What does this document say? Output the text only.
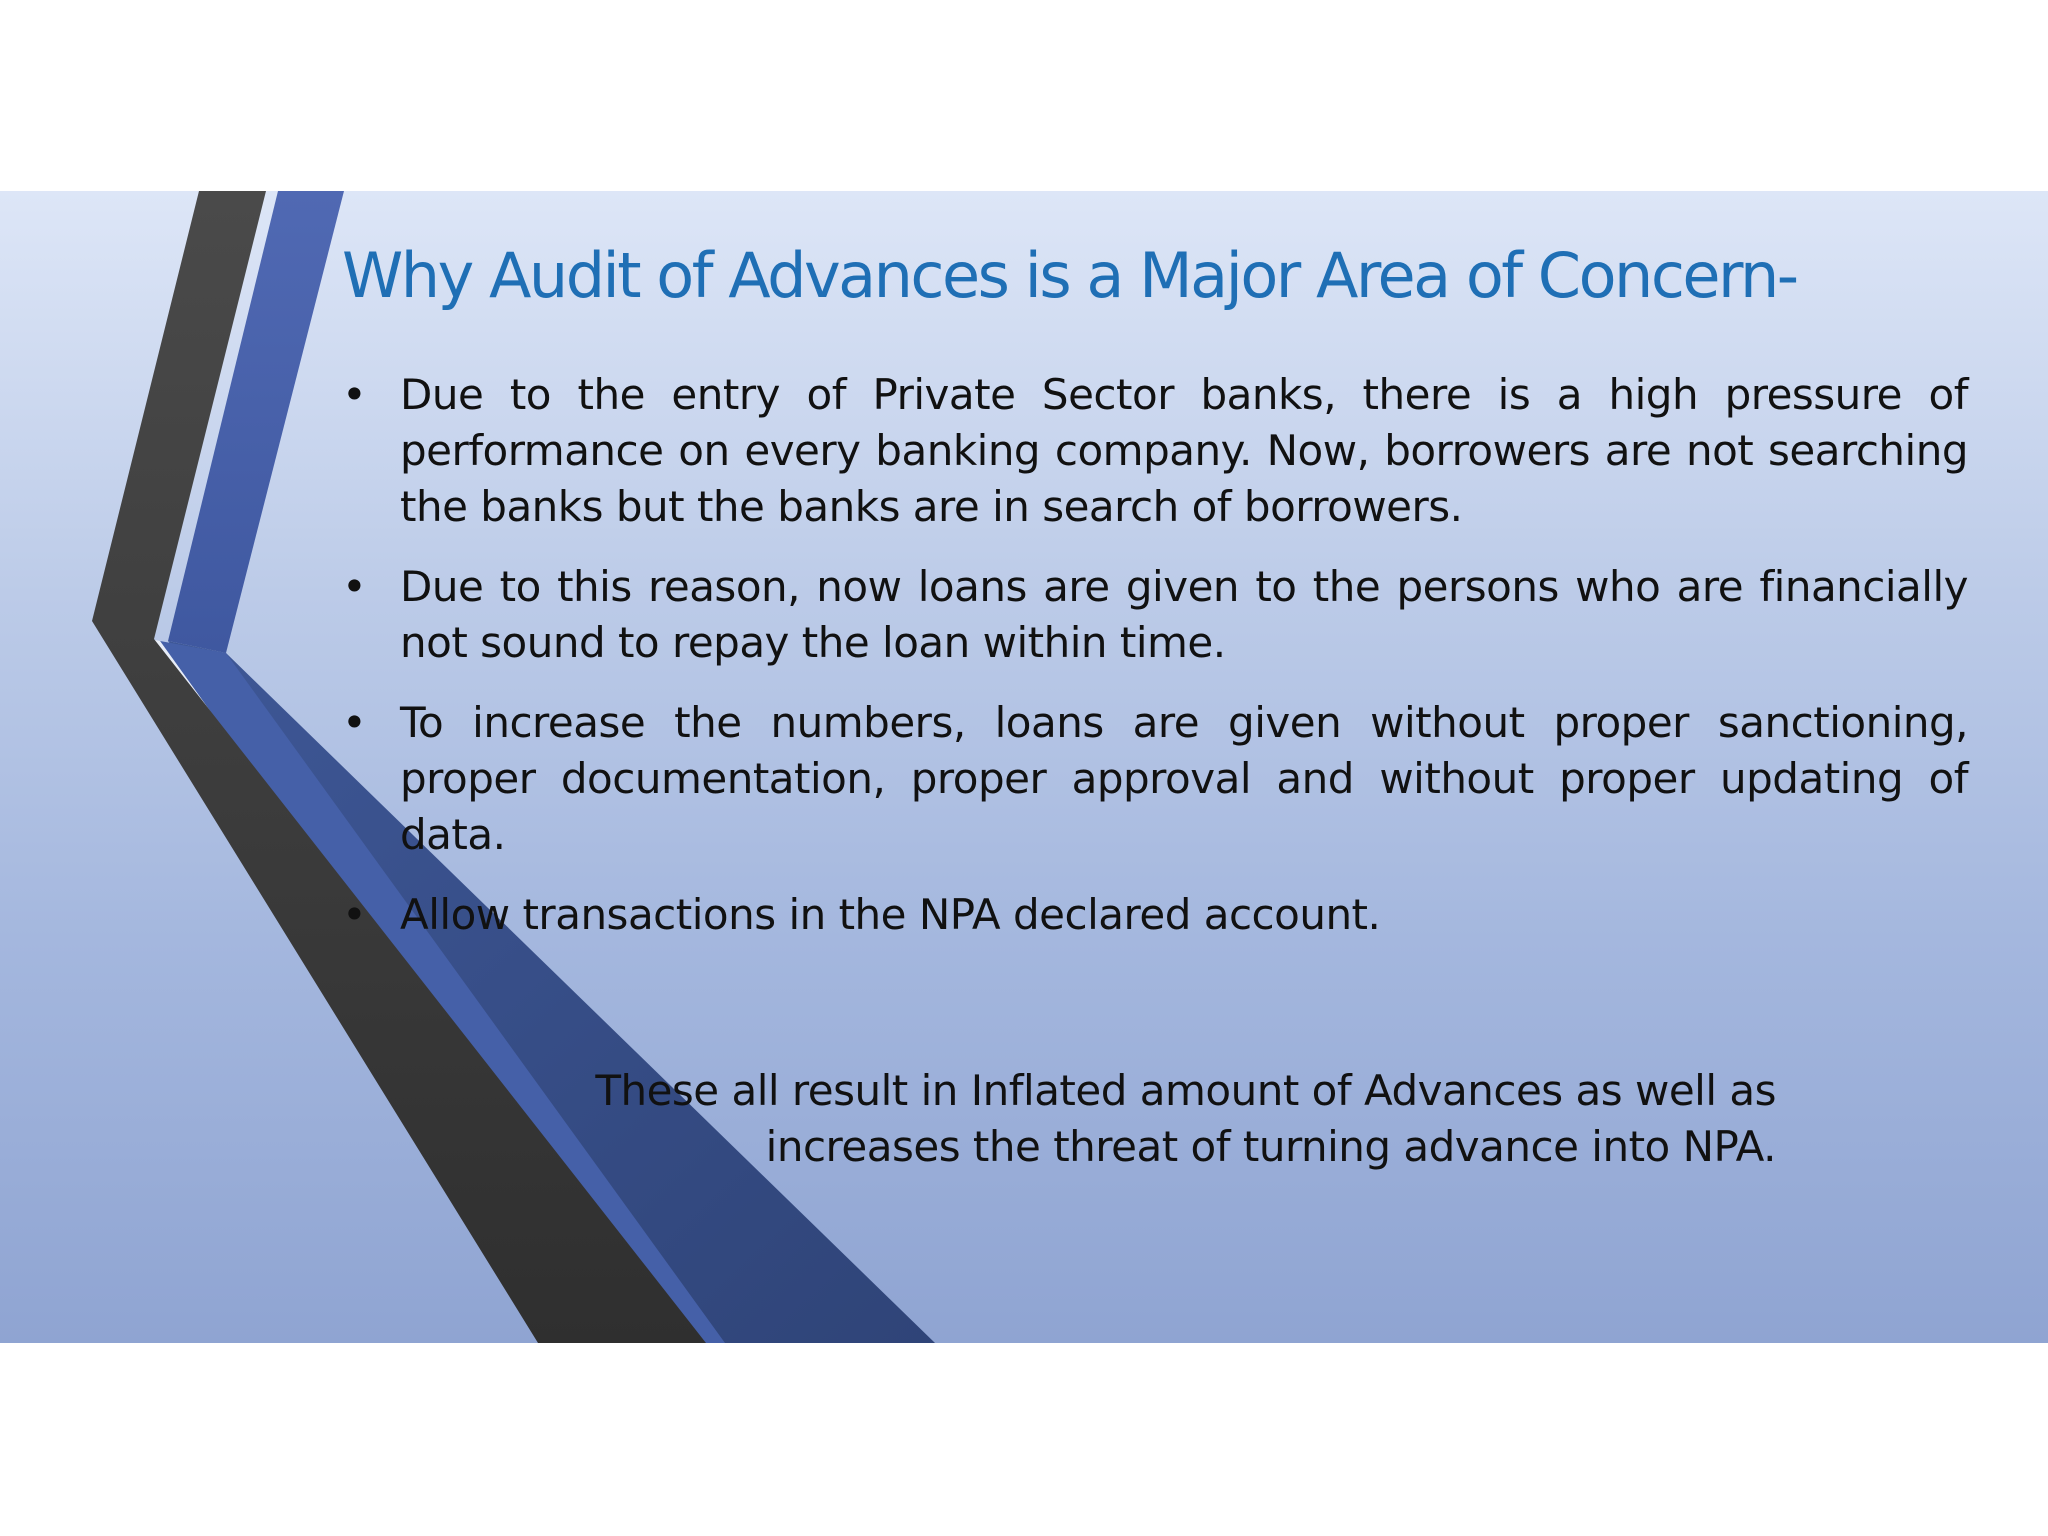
Why Audit of Advances is a Major Area of Concern-
• Due to the entry of Private Sector banks, there is a high pressure of performance on every banking company. Now, borrowers are not searching the banks but the banks are in search of borrowers.
• Due to this reason, now loans are given to the persons who are financially not sound to repay the loan within time.
• To increase the numbers, loans are given without proper sanctioning, proper documentation, proper approval and without proper updating of data.
• Allow transactions in the NPA declared account.

These all result in Inflated amount of Advances as well as
increases the threat of turning advance into NPA.
